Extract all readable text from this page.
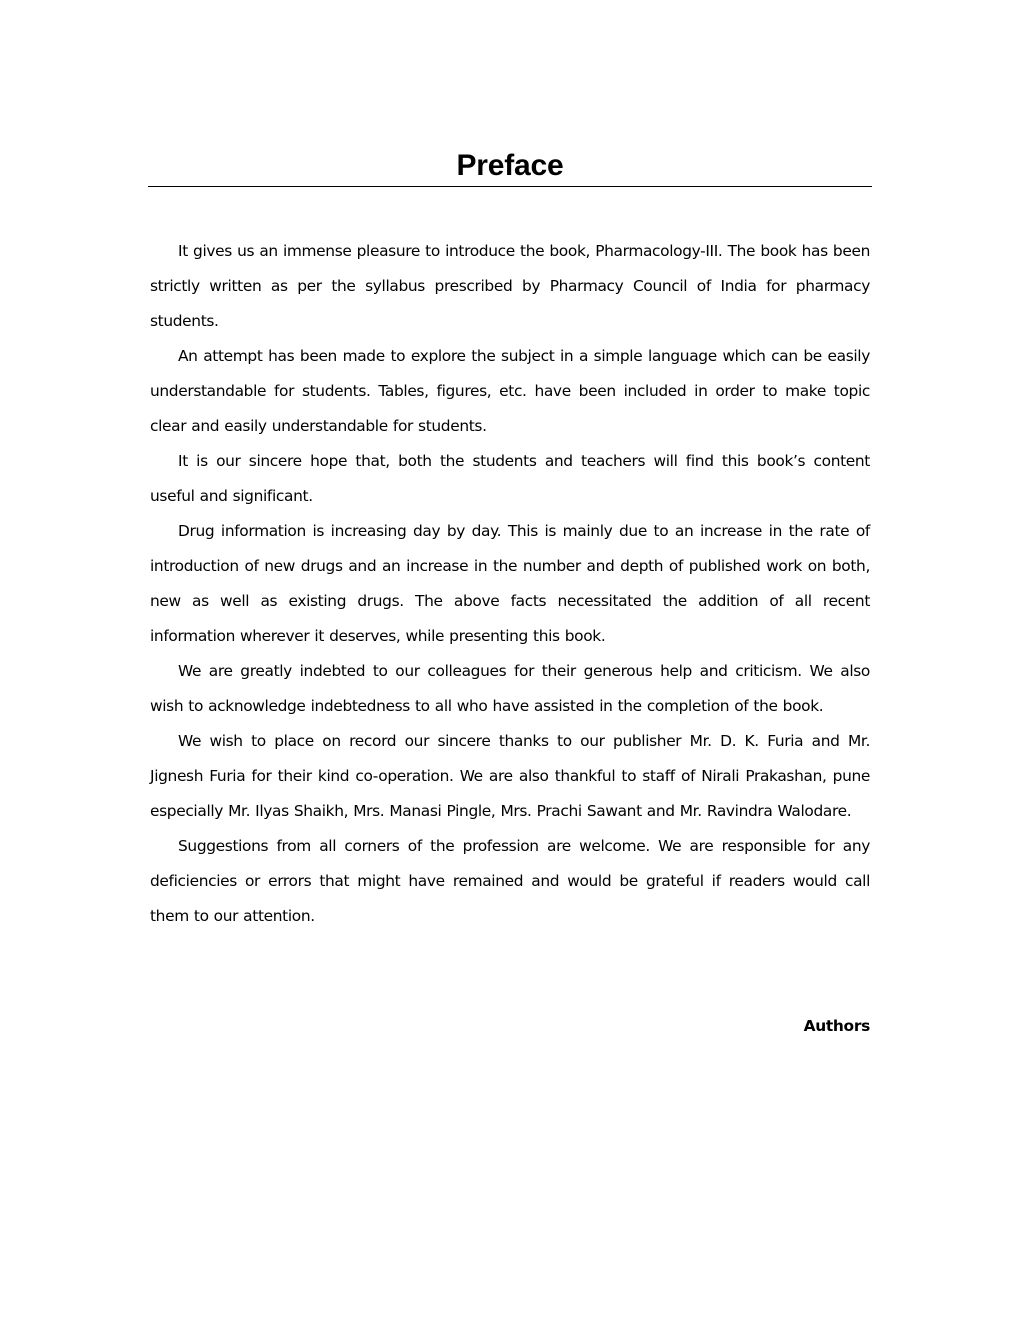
Preface

It gives us an immense pleasure to introduce the book, Pharmacology-III. The book has been strictly written as per the syllabus prescribed by Pharmacy Council of India for pharmacy students.

An attempt has been made to explore the subject in a simple language which can be easily understandable for students. Tables, figures, etc. have been included in order to make topic clear and easily understandable for students.

It is our sincere hope that, both the students and teachers will find this book’s content useful and significant.

Drug information is increasing day by day. This is mainly due to an increase in the rate of introduction of new drugs and an increase in the number and depth of published work on both, new as well as existing drugs. The above facts necessitated the addition of all recent information wherever it deserves, while presenting this book.

We are greatly indebted to our colleagues for their generous help and criticism. We also wish to acknowledge indebtedness to all who have assisted in the completion of the book.

We wish to place on record our sincere thanks to our publisher Mr. D. K. Furia and Mr. Jignesh Furia for their kind co-operation. We are also thankful to staff of Nirali Prakashan, pune especially Mr. Ilyas Shaikh, Mrs. Manasi Pingle, Mrs. Prachi Sawant and Mr. Ravindra Walodare.

Suggestions from all corners of the profession are welcome. We are responsible for any deficiencies or errors that might have remained and would be grateful if readers would call them to our attention.

Authors
